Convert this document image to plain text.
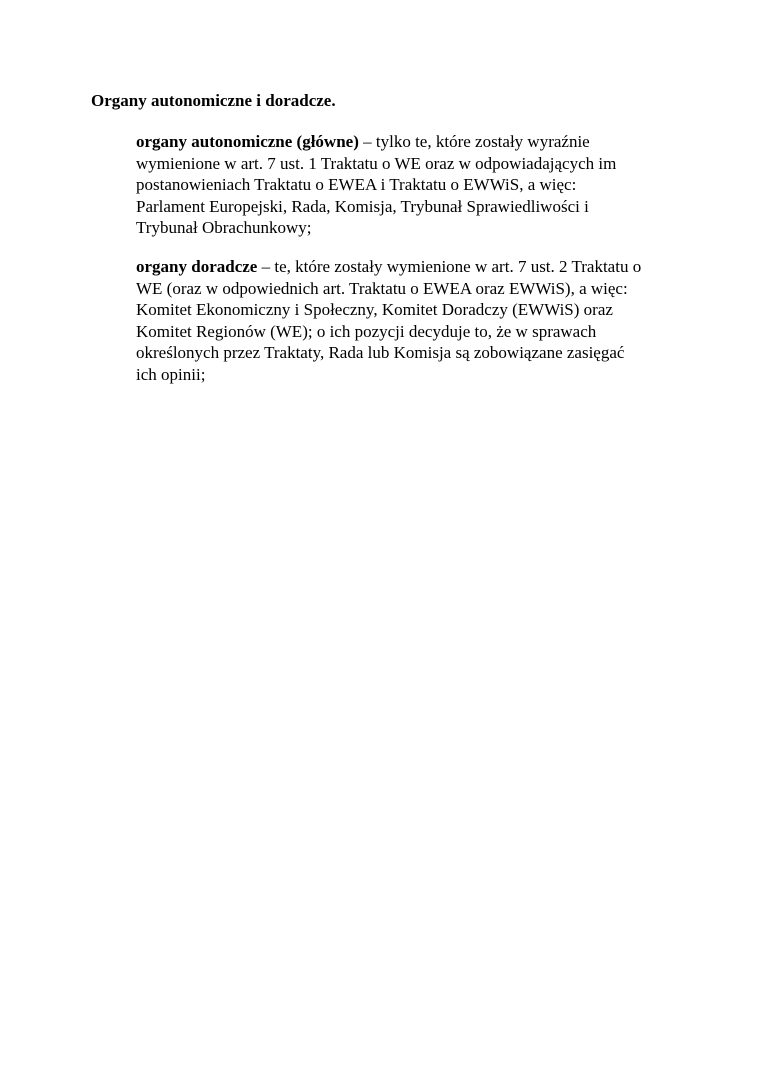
Organy autonomiczne i doradcze.
organy autonomiczne (główne) – tylko te, które zostały wyraźnie
wymienione w art. 7 ust. 1 Traktatu o WE oraz w odpowiadających im
postanowieniach Traktatu o EWEA i Traktatu o EWWiS, a więc:
Parlament Europejski, Rada, Komisja, Trybunał Sprawiedliwości i
Trybunał Obrachunkowy;
organy doradcze – te, które zostały wymienione w art. 7 ust. 2 Traktatu o
WE (oraz w odpowiednich art. Traktatu o EWEA oraz EWWiS), a więc:
Komitet Ekonomiczny i Społeczny, Komitet Doradczy (EWWiS) oraz
Komitet Regionów (WE); o ich pozycji decyduje to, że w sprawach
określonych przez Traktaty, Rada lub Komisja są zobowiązane zasięgać
ich opinii;
